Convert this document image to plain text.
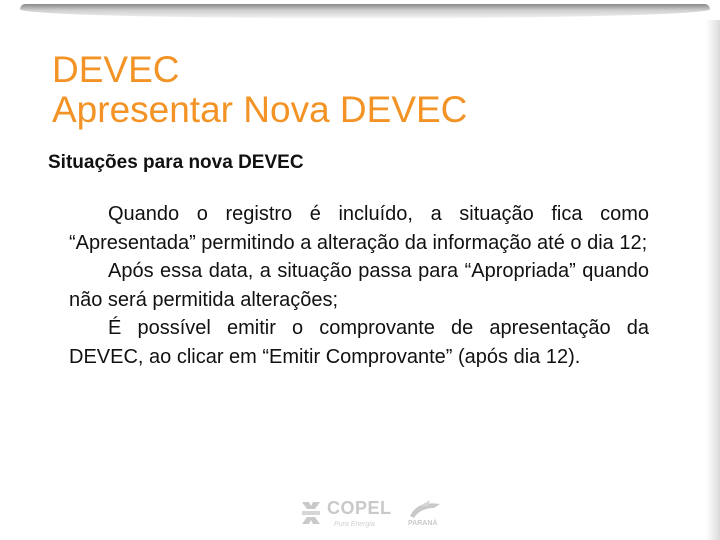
DEVEC
Apresentar Nova DEVEC
Situações para nova DEVEC

Quando o registro é incluído, a situação fica como “Apresentada” permitindo a alteração da informação até o dia 12;

Após essa data, a situação passa para “Apropriada” quando não será permitida alterações;

É possível emitir o comprovante de apresentação da DEVEC, ao clicar em “Emitir Comprovante” (após dia 12).

COPEL
Pura Energia	PARANÁ
